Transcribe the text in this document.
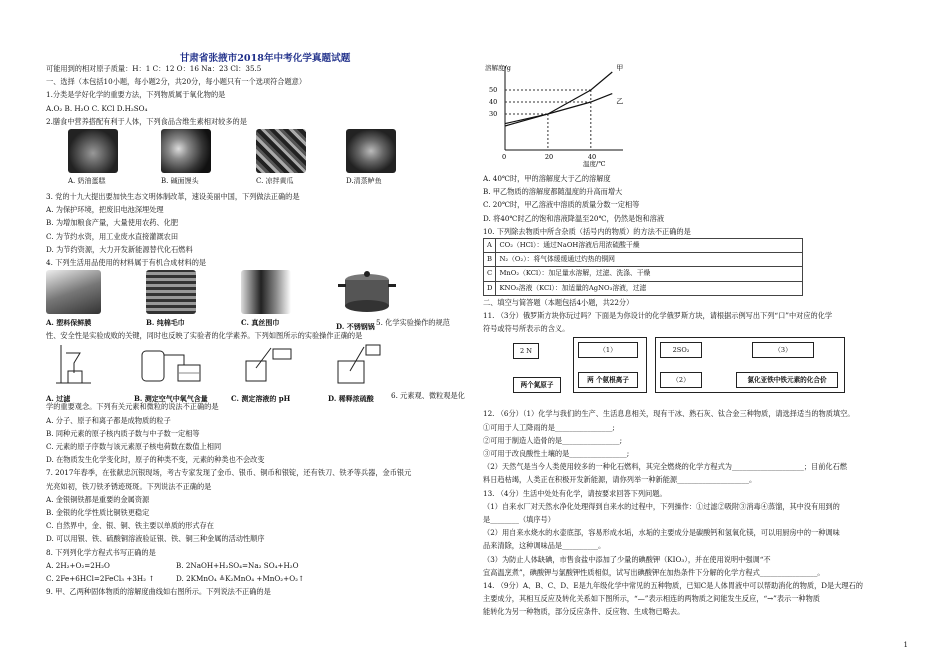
甘肃省张掖市2018年中考化学真题试题
可能用到的相对原子质量：H：1 C：12 O：16 Na：23 Cl：35.5
一、选择（本包括10小题，每小题2分，共20分，每小题只有一个选项符合题意）
1.分类是学好化学的重要方法，下列物质属于氧化物的是
A.O₂ B. H₂O C. KCl D.H₂SO₄
2.膳食中营养搭配有利于人体，下列食品含维生素相对较多的是
A. 奶油蛋糕	B. 碱面馒头	C. 凉拌黄瓜	D.清蒸鲈鱼
3. 党的十九大提出要加快生态文明体制改革，速设美丽中国，下列做法正确的是
A. 为保护环境，把废旧电池深埋处理
B. 为增加粮食产量，大量使用农药、化肥
C. 为节约水资，用工业废水直接灌溉农田
D. 为节约资源，大力开发新能源替代化石燃料
4. 下列生活用品使用的材料属于有机合成材料的是
A. 塑料保鲜膜	B. 纯棉毛巾	C. 真丝围巾	D. 不锈钢锅 5. 化学实验操作的规范
性、安全性是实验成败的关键，同时也反映了实验者的化学素养。下列如图所示的实验操作正确的是
A. 过滤	B. 测定空气中氧气含量	C. 测定溶液的 pH	D. 稀释浓硫酸	6. 元素观、微粒观是化
学的重要观念。下列有关元素和微粒的说法不正确的是
A. 分子、原子和离子都是成物质的粒子
B. 同种元素的原子核内质子数与中子数一定相等
C. 元素的原子序数与该元素原子核电荷数在数值上相同
D. 在物质发生化学变化时，原子的种类不变，元素的种类也不会改变
7. 2017年春季，在张献忠沉银现场，考古专家发现了金币、银币、铜币和银锭，还有铁刀、铁矛等兵器，金币银元
光亮如初，铁刀铁矛锈迹斑斑。下列说法不正确的是
A. 金银铜铁都是重要的金属资源
B. 金银的化学性质比铜铁更稳定
C. 自然界中，金、银、铜、铁主要以单质的形式存在
D. 可以用银、铁、硫酸铜溶液验证银、铁、铜三种金属的活动性顺序
8. 下列列化学方程式书写正确的是
A. 2H₂+O₂=2H₂O	B. 2NaOH+H₂SO₄=Na₂ SO₄+H₂O
C. 2Fe+6HCl=2FeCl₃ +3H₂ ↑	D. 2KMnO₄ ≜K₂MnO₄ +MnO₂+O₂↑
9. 甲、乙两种固体物质的溶解度曲线如右图所示。下列说法不正确的是
溶解度/g
温度/℃
0	20	40
50
40
30
甲
乙
A. 40℃时，甲的溶解度大于乙的溶解度
B. 甲乙物质的溶解度都随温度的升高而增大
C. 20℃时，甲乙溶液中溶质的质量分数一定相等
D. 将40℃时乙的饱和溶液降温至20℃，仍然是饱和溶液
10. 下列除去物质中所含杂质（括号内的物质）的方法不正确的是
A	CO₂（HCl）：通过NaOH溶液后用浓硫酸干燥
B	N₂（O₂）：将气体缓缓通过灼热的铜网
C	MnO₂（KCl）：加足量水溶解，过滤、洗涤、干燥
D	KNO₃溶液（KCl）：加适量的AgNO₃溶液，过滤
二、填空与简答题（本题包括4小题，共22分）
11. （3分）俄罗斯方块你玩过吗？下面是为你设计的化学俄罗斯方块，请根据示例写出下列“口”中对应的化学
符号或符号所表示的含义。
2 N
两个氮原子
（1）
两 个氨根离子
2SO₂
（2）
（3）
氯化亚铁中铁元素的化合价
12. （6分）（1）化学与我们的生产、生活息息相关，现有干冰、熟石灰、钛合金三种物质，请选择适当的物质填空。
①可用于人工降雨的是________________;
②可用于制造人造骨的是________________;
③可用于改良酸性土壤的是________________;
（2）天然气是当今人类使用较多的一种化石燃料，其完全燃烧的化学方程式为____________________；目前化石燃
料日趋枯竭，人类正在积极开发新能源，请你列举一种新能源____________________。
13. （4分）生活中处处有化学，请按要求回答下列问题。
（1）自来水厂对天然水净化处理得到自来水的过程中，下列操作：①过滤②吸附③消毒④蒸馏，其中没有用到的
是________（填序号）
（2）用自来水烧水的水壶底部，容易形成水垢，水垢的主要成分是碳酸钙和氢氧化镁，可以用厨房中的一种调味
品来清除，这种调味品是__________。
（3）为防止人体缺碘，市售食盐中添加了少量的碘酸钾（KIO₃），并在使用说明中强调“不
宜高温烹煮”，碘酸钾与氯酸钾性质相似，试写出碘酸钾在加热条件下分解的化学方程式________________。
14. （9分）A、B、C、D、E是九年级化学中常见的五种物质，已知C是人体胃液中可以帮助消化的物质，D是大理石的
主要成分，其相互反应及转化关系如下图所示，“—”表示相连的两物质之间能发生反应，“→”表示一种物质
能转化为另一种物质，部分反应条件、反应物、生成物已略去。
1
